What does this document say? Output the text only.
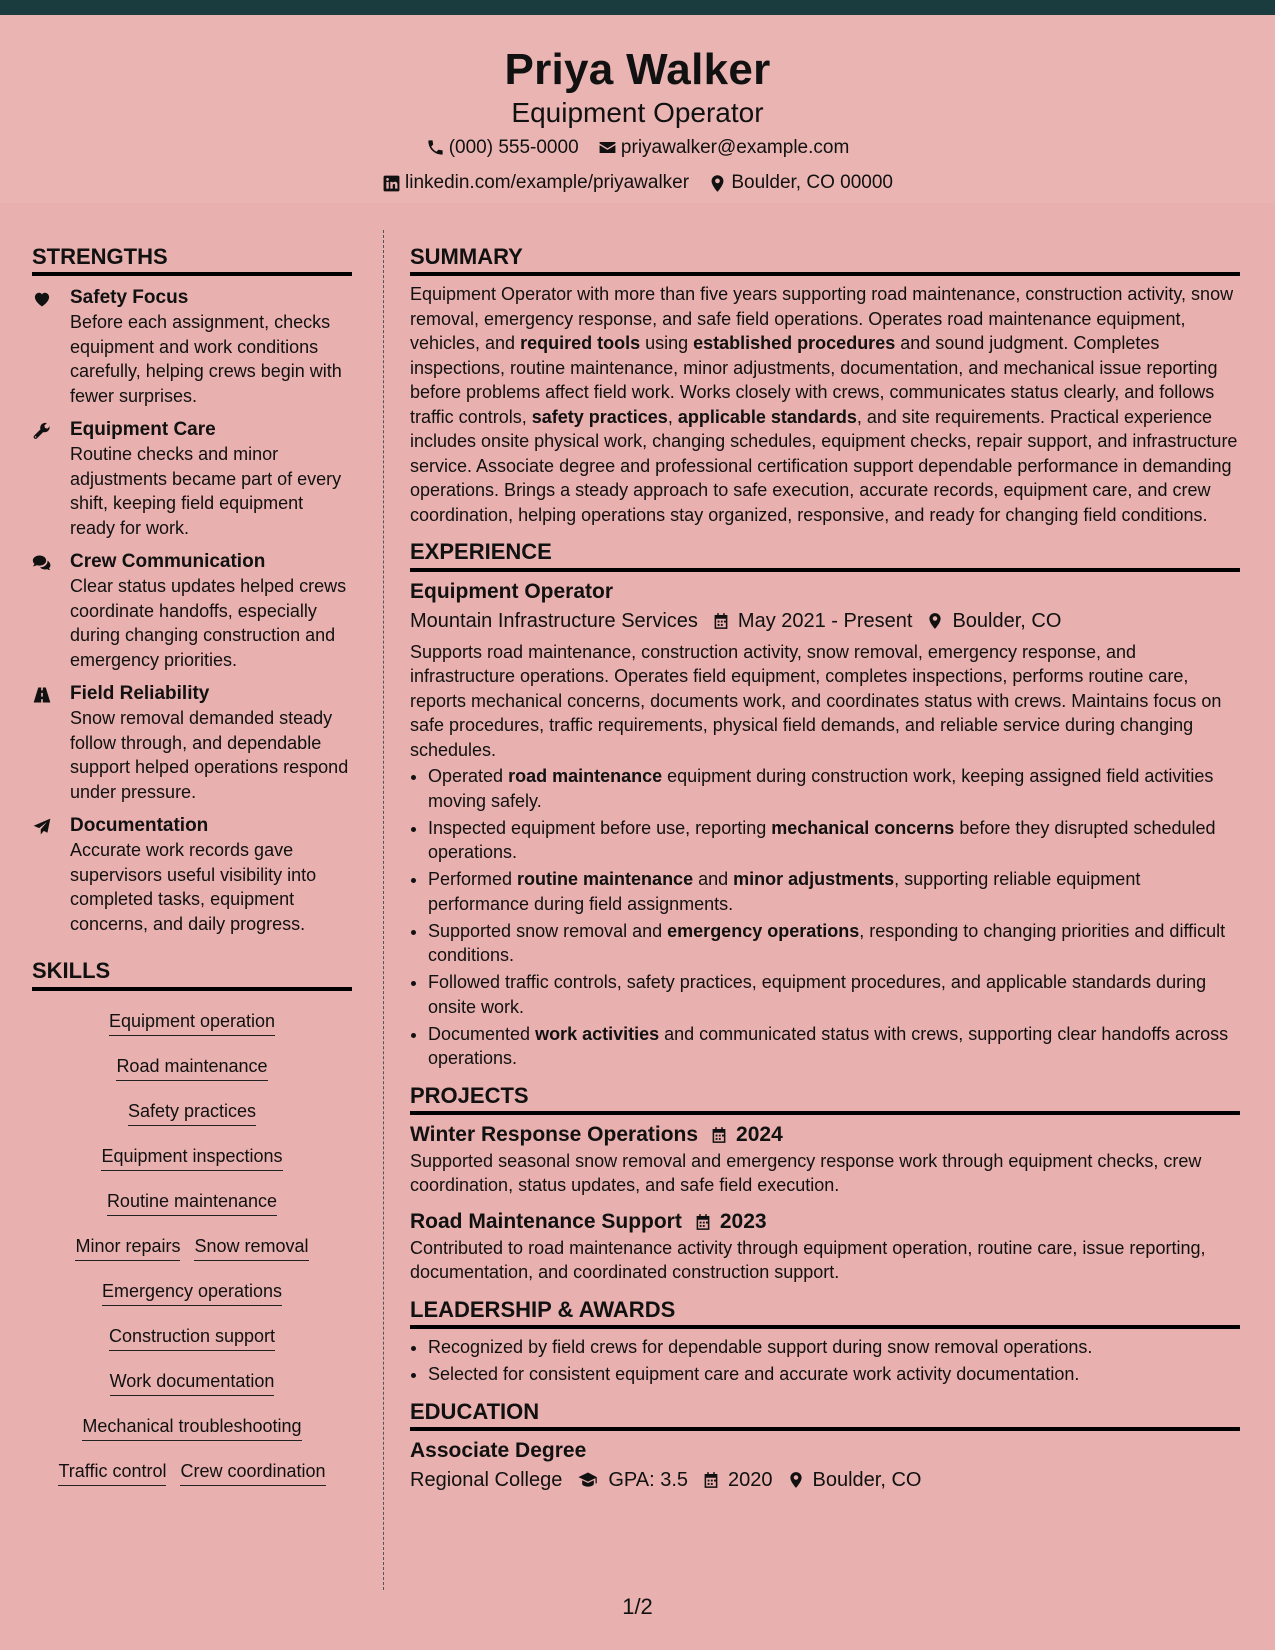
Priya Walker
Equipment Operator
(000) 555-0000
priyawalker@example.com
linkedin.com/example/priyawalker
Boulder, CO 00000
STRENGTHS
Safety Focus
Before each assignment, checks equipment and work conditions carefully, helping crews begin with fewer surprises.
Equipment Care
Routine checks and minor adjustments became part of every shift, keeping field equipment ready for work.
Crew Communication
Clear status updates helped crews coordinate handoffs, especially during changing construction and emergency priorities.
Field Reliability
Snow removal demanded steady follow through, and dependable support helped operations respond under pressure.
Documentation
Accurate work records gave supervisors useful visibility into completed tasks, equipment concerns, and daily progress.
SKILLS
Equipment operation
Road maintenance
Safety practices
Equipment inspections
Routine maintenance
Minor repairs Snow removal
Emergency operations
Construction support
Work documentation
Mechanical troubleshooting
Traffic control Crew coordination
SUMMARY

Equipment Operator with more than five years supporting road maintenance, construction activity, snow removal, emergency response, and safe field operations. Operates road maintenance equipment, vehicles, and required tools using established procedures and sound judgment. Completes inspections, routine maintenance, minor adjustments, documentation, and mechanical issue reporting before problems affect field work. Works closely with crews, communicates status clearly, and follows traffic controls, safety practices, applicable standards, and site requirements. Practical experience includes onsite physical work, changing schedules, equipment checks, repair support, and infrastructure service. Associate degree and professional certification support dependable performance in demanding operations. Brings a steady approach to safe execution, accurate records, equipment care, and crew coordination, helping operations stay organized, responsive, and ready for changing field conditions.

EXPERIENCE
Equipment Operator
Mountain Infrastructure Services May 2021 - Present Boulder, CO

Supports road maintenance, construction activity, snow removal, emergency response, and infrastructure operations. Operates field equipment, completes inspections, performs routine care, reports mechanical concerns, documents work, and coordinates status with crews. Maintains focus on safe procedures, traffic requirements, physical field demands, and reliable service during changing schedules.

• Operated road maintenance equipment during construction work, keeping assigned field activities moving safely.
• Inspected equipment before use, reporting mechanical concerns before they disrupted scheduled operations.
• Performed routine maintenance and minor adjustments, supporting reliable equipment performance during field assignments.
• Supported snow removal and emergency operations, responding to changing priorities and difficult conditions.
• Followed traffic controls, safety practices, equipment procedures, and applicable standards during onsite work.
• Documented work activities and communicated status with crews, supporting clear handoffs across operations.
PROJECTS
Winter Response Operations 2024

Supported seasonal snow removal and emergency response work through equipment checks, crew coordination, status updates, and safe field execution.

Road Maintenance Support 2023

Contributed to road maintenance activity through equipment operation, routine care, issue reporting, documentation, and coordinated construction support.

LEADERSHIP & AWARDS
• Recognized by field crews for dependable support during snow removal operations.
• Selected for consistent equipment care and accurate work activity documentation.
EDUCATION
Associate Degree
Regional College GPA: 3.5 2020 Boulder, CO
1/2
